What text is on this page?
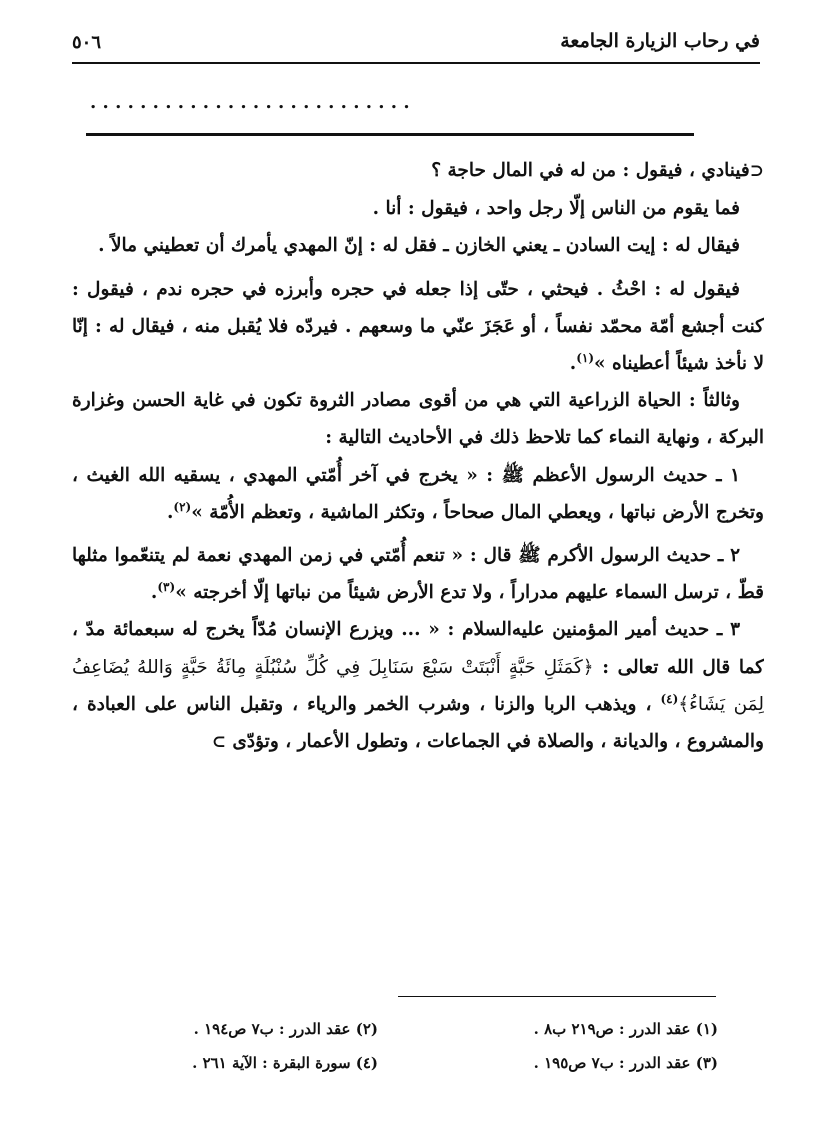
في رحاب الزيارة الجامعة
٥٠٦
. . . . . . . . . . . . . . . . . . . . . . . . . .

⊂فينادي ، فيقول : من له في المال حاجة ؟

فما يقوم من الناس إلّا رجل واحد ، فيقول : أنا .

فيقال له : إيت السادن ـ يعني الخازن ـ فقل له : إنّ المهدي يأمرك أن تعطيني مالاً .

فيقول له : احْثُ . فيحثي ، حتّى إذا جعله في حجره وأبرزه في حجره ندم ، فيقول : كنت أجشع أمّة محمّد نفساً ، أو عَجَزَ عنّي ما وسعهم . فيردّه فلا يُقبل منه ، فيقال له : إنّا لا نأخذ شيئاً أعطيناه »$^{(١)}$.

وثالثاً : الحياة الزراعية التي هي من أقوى مصادر الثروة تكون في غاية الحسن وغزارة البركة ، ونهاية النماء كما تلاحظ ذلك في الأحاديث التالية :

١ ـ حديث الرسول الأعظم ﷺ : « يخرج في آخر أُمّتي المهدي ، يسقيه الله الغيث ، وتخرج الأرض نباتها ، ويعطي المال صحاحاً ، وتكثر الماشية ، وتعظم الأُمّة »$^{(٢)}$.

٢ ـ حديث الرسول الأكرم ﷺ قال : « تنعم أُمّتي في زمن المهدي نعمة لم يتنعّموا مثلها قطّ ، ترسل السماء عليهم مدراراً ، ولا تدع الأرض شيئاً من نباتها إلّا أخرجته »$^{(٣)}$.

٣ ـ حديث أمير المؤمنين عليه‌السلام : « ... ويزرع الإنسان مُدّاً يخرج له سبعمائة مدّ ، كما قال الله تعالى : ﴿كَمَثَلِ حَبَّةٍ أَنْبَتَتْ سَبْعَ سَنَابِلَ فِي كُلِّ سُنْبُلَةٍ مِائَةُ حَبَّةٍ وَاللهُ يُضَاعِفُ لِمَن يَشَاءُ﴾$^{(٤)}$ ، ويذهب الربا والزنا ، وشرب الخمر والرياء ، وتقبل الناس على العبادة ، والمشروع ، والديانة ، والصلاة في الجماعات ، وتطول الأعمار ، وتؤدّى ⊃

(١) عقد الدرر : ص٢١٩ ب٨ .
(٢) عقد الدرر : ب٧ ص١٩٤ .
(٣) عقد الدرر : ب٧ ص١٩٥ .
(٤) سورة البقرة : الآية ٢٦١ .
